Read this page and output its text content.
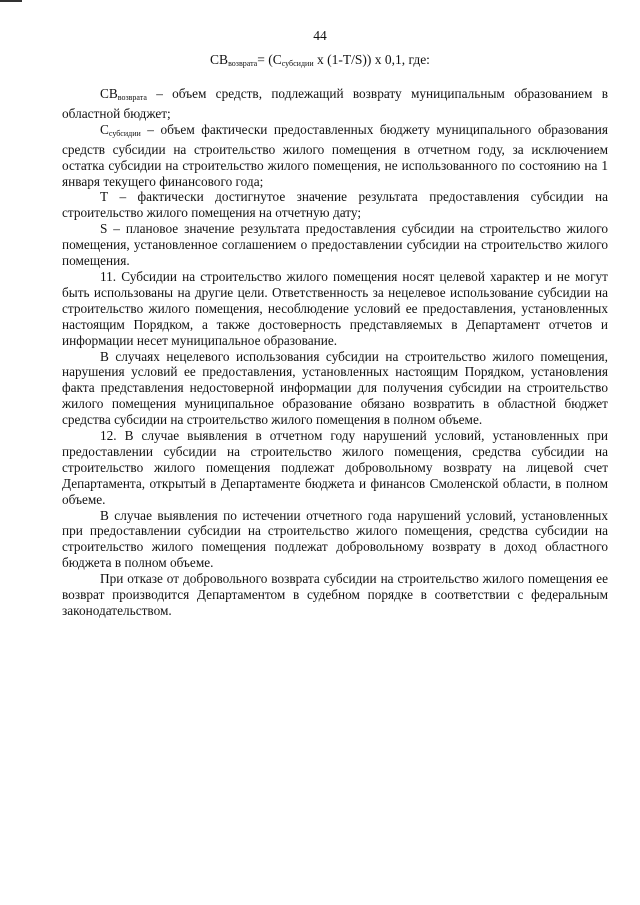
44
$СВ_{возврата}= (С_{субсидии}$ х (1-Т/S)) х 0,1, где:

$СВ_{возврата}$ – объем средств, подлежащий возврату муниципальным образованием в областной бюджет;

$С_{субсидии}$ – объем фактически предоставленных бюджету муниципального образования средств субсидии на строительство жилого помещения в отчетном году, за исключением остатка субсидии на строительство жилого помещения, не использованного по состоянию на 1 января текущего финансового года;

Т – фактически достигнутое значение результата предоставления субсидии на строительство жилого помещения на отчетную дату;

S – плановое значение результата предоставления субсидии на строительство жилого помещения, установленное соглашением о предоставлении субсидии на строительство жилого помещения.

11. Субсидии на строительство жилого помещения носят целевой характер и не могут быть использованы на другие цели. Ответственность за нецелевое использование субсидии на строительство жилого помещения, несоблюдение условий ее предоставления, установленных настоящим Порядком, а также достоверность представляемых в Департамент отчетов и информации несет муниципальное образование.

В случаях нецелевого использования субсидии на строительство жилого помещения, нарушения условий ее предоставления, установленных настоящим Порядком, установления факта представления недостоверной информации для получения субсидии на строительство жилого помещения муниципальное образование обязано возвратить в областной бюджет средства субсидии на строительство жилого помещения в полном объеме.

12. В случае выявления в отчетном году нарушений условий, установленных при предоставлении субсидии на строительство жилого помещения, средства субсидии на строительство жилого помещения подлежат добровольному возврату на лицевой счет Департамента, открытый в Департаменте бюджета и финансов Смоленской области, в полном объеме.

В случае выявления по истечении отчетного года нарушений условий, установленных при предоставлении субсидии на строительство жилого помещения, средства субсидии на строительство жилого помещения подлежат добровольному возврату в доход областного бюджета в полном объеме.

При отказе от добровольного возврата субсидии на строительство жилого помещения ее возврат производится Департаментом в судебном порядке в соответствии с федеральным законодательством.
